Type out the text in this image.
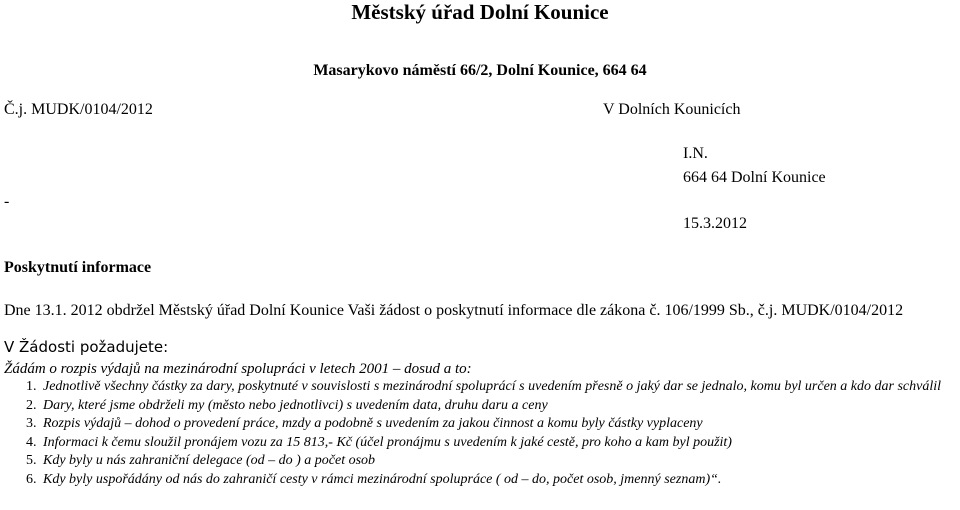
Městský úřad Dolní Kounice
Masarykovo náměstí 66/2, Dolní Kounice, 664 64
Č.j. MUDK/0104/2012	V Dolních Kounicích
I.N.
664 64 Dolní Kounice
-
15.3.2012
Poskytnutí informace
Dne 13.1. 2012 obdržel Městský úřad Dolní Kounice Vaši žádost o poskytnutí informace dle zákona č. 106/1999 Sb., č.j. MUDK/0104/2012
V Žádosti požadujete:
Žádám o rozpis výdajů na mezinárodní spolupráci v letech 2001 – dosud a to:
1. Jednotlivě všechny částky za dary, poskytnuté v souvislosti s mezinárodní spoluprácí s uvedením přesně o jaký dar se jednalo, komu byl určen a kdo dar schválil
2. Dary, které jsme obdrželi my (město nebo jednotlivci) s uvedením data, druhu daru a ceny
3. Rozpis výdajů – dohod o provedení práce, mzdy a podobně s uvedením za jakou činnost a komu byly částky vyplaceny
4. Informaci k čemu sloužil pronájem vozu za 15 813,- Kč (účel pronájmu s uvedením k jaké cestě, pro koho a kam byl použit)
5. Kdy byly u nás zahraniční delegace (od – do ) a počet osob
6. Kdy byly uspořádány od nás do zahraničí cesty v rámci mezinárodní spolupráce ( od – do, počet osob, jmenný seznam)“.
